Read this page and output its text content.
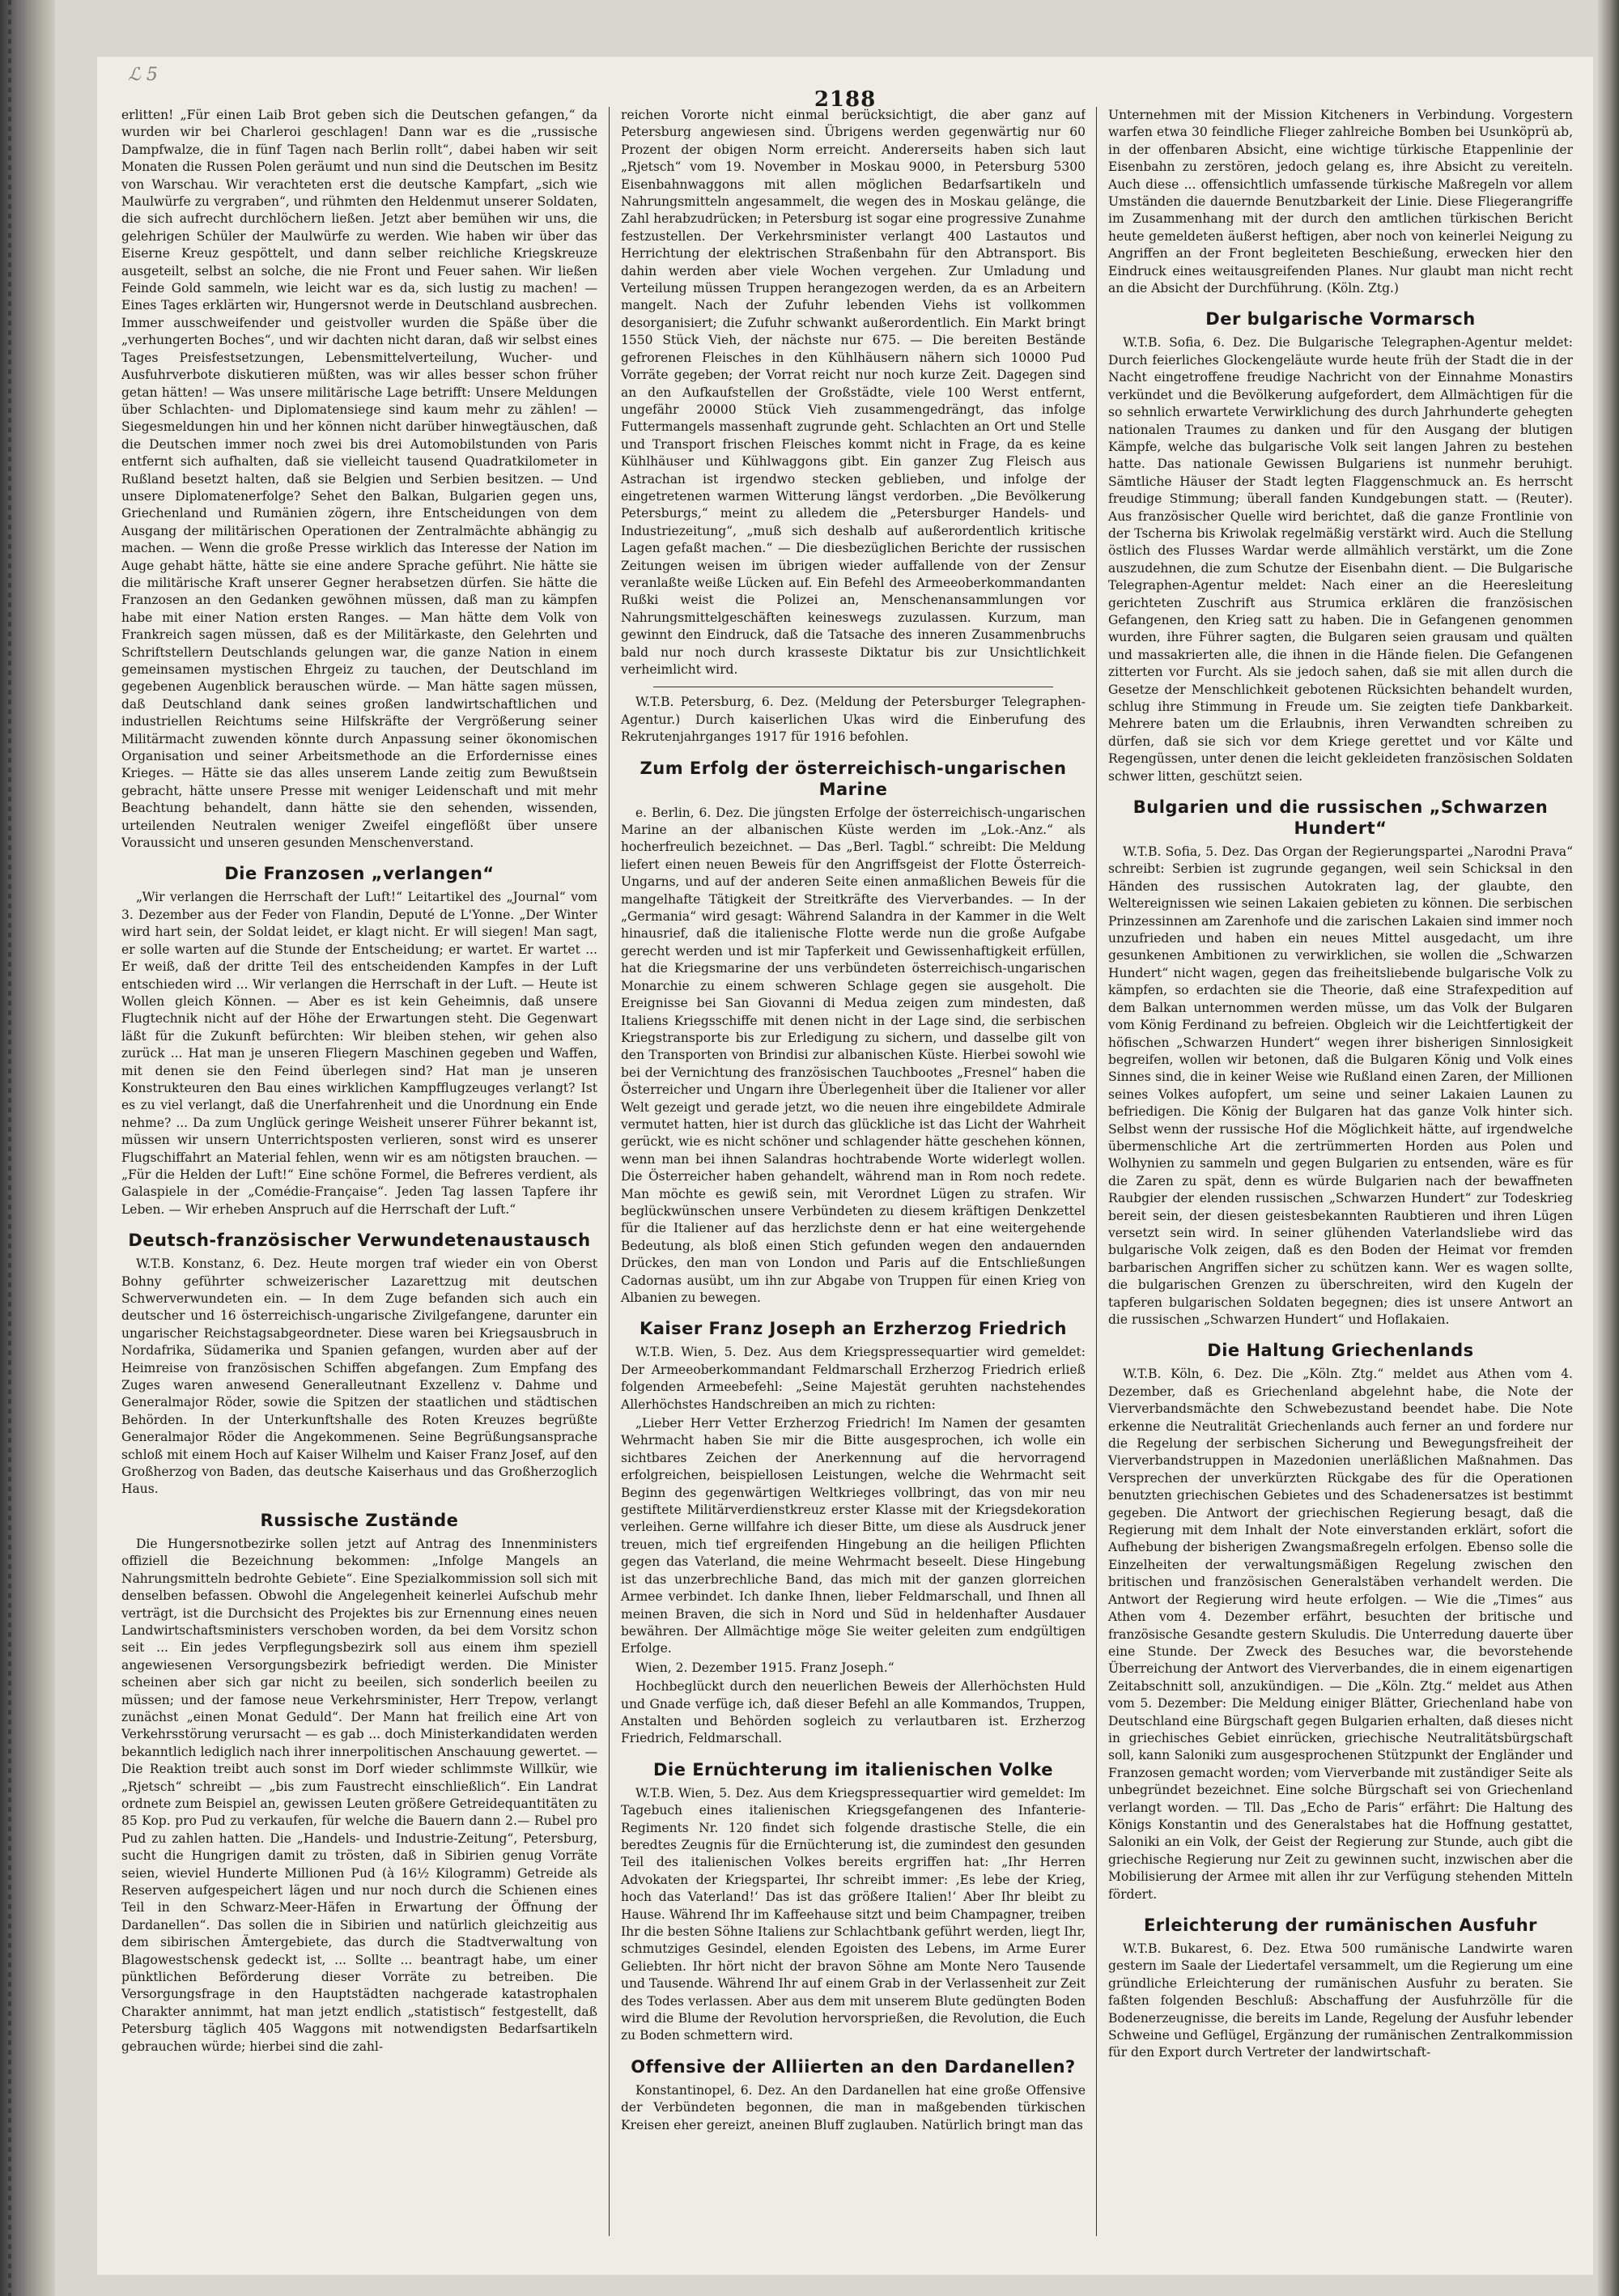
ℒ 5
2188

erlitten! „Für einen Laib Brot geben sich die Deutschen gefangen,“ da wurden wir bei Charleroi geschlagen! Dann war es die „russische Dampfwalze, die in fünf Tagen nach Berlin rollt“, dabei haben wir seit Monaten die Russen Polen geräumt und nun sind die Deutschen im Besitz von Warschau. Wir verachteten erst die deutsche Kampfart, „sich wie Maulwürfe zu vergraben“, und rühmten den Heldenmut unserer Soldaten, die sich aufrecht durchlöchern ließen. Jetzt aber bemühen wir uns, die gelehrigen Schüler der Maulwürfe zu werden. Wie haben wir über das Eiserne Kreuz gespöttelt, und dann selber reichliche Kriegskreuze ausgeteilt, selbst an solche, die nie Front und Feuer sahen. Wir ließen Feinde Gold sammeln, wie leicht war es da, sich lustig zu machen! — Eines Tages erklärten wir, Hungersnot werde in Deutschland ausbrechen. Immer ausschweifender und geistvoller wurden die Späße über die „verhungerten Boches“, und wir dachten nicht daran, daß wir selbst eines Tages Preisfestsetzungen, Lebensmittelverteilung, Wucher- und Ausfuhrverbote diskutieren müßten, was wir alles besser schon früher getan hätten! — Was unsere militärische Lage betrifft: Unsere Meldungen über Schlachten- und Diplomatensiege sind kaum mehr zu zählen! — Siegesmeldungen hin und her können nicht darüber hinwegtäuschen, daß die Deutschen immer noch zwei bis drei Automobilstunden von Paris entfernt sich aufhalten, daß sie vielleicht tausend Quadratkilometer in Rußland besetzt halten, daß sie Belgien und Serbien besitzen. — Und unsere Diplomatenerfolge? Sehet den Balkan, Bulgarien gegen uns, Griechenland und Rumänien zögern, ihre Entscheidungen von dem Ausgang der militärischen Operationen der Zentralmächte abhängig zu machen. — Wenn die große Presse wirklich das Interesse der Nation im Auge gehabt hätte, hätte sie eine andere Sprache geführt. Nie hätte sie die militärische Kraft unserer Gegner herabsetzen dürfen. Sie hätte die Franzosen an den Gedanken gewöhnen müssen, daß man zu kämpfen habe mit einer Nation ersten Ranges. — Man hätte dem Volk von Frankreich sagen müssen, daß es der Militärkaste, den Gelehrten und Schriftstellern Deutschlands gelungen war, die ganze Nation in einem gemeinsamen mystischen Ehrgeiz zu tauchen, der Deutschland im gegebenen Augenblick berauschen würde. — Man hätte sagen müssen, daß Deutschland dank seines großen landwirtschaftlichen und industriellen Reichtums seine Hilfskräfte der Vergrößerung seiner Militärmacht zuwenden könnte durch Anpassung seiner ökonomischen Organisation und seiner Arbeitsmethode an die Erfordernisse eines Krieges. — Hätte sie das alles unserem Lande zeitig zum Bewußtsein gebracht, hätte unsere Presse mit weniger Leidenschaft und mit mehr Beachtung behandelt, dann hätte sie den sehenden, wissenden, urteilenden Neutralen weniger Zweifel eingeflößt über unsere Voraussicht und unseren gesunden Menschenverstand.

Die Franzosen „verlangen“

„Wir verlangen die Herrschaft der Luft!“ Leitartikel des „Journal“ vom 3. Dezember aus der Feder von Flandin, Deputé de L'Yonne. „Der Winter wird hart sein, der Soldat leidet, er klagt nicht. Er will siegen! Man sagt, er solle warten auf die Stunde der Entscheidung; er wartet. Er wartet ... Er weiß, daß der dritte Teil des entscheidenden Kampfes in der Luft entschieden wird ... Wir verlangen die Herrschaft in der Luft. — Heute ist Wollen gleich Können. — Aber es ist kein Geheimnis, daß unsere Flugtechnik nicht auf der Höhe der Erwartungen steht. Die Gegenwart läßt für die Zukunft befürchten: Wir bleiben stehen, wir gehen also zurück ... Hat man je unseren Fliegern Maschinen gegeben und Waffen, mit denen sie den Feind überlegen sind? Hat man je unseren Konstrukteuren den Bau eines wirklichen Kampfflugzeuges verlangt? Ist es zu viel verlangt, daß die Unerfahrenheit und die Unordnung ein Ende nehme? ... Da zum Unglück geringe Weisheit unserer Führer bekannt ist, müssen wir unsern Unterrichtsposten verlieren, sonst wird es unserer Flugschiffahrt an Material fehlen, wenn wir es am nötigsten brauchen. — „Für die Helden der Luft!“ Eine schöne Formel, die Befreres verdient, als Galaspiele in der „Comédie-Française“. Jeden Tag lassen Tapfere ihr Leben. — Wir erheben Anspruch auf die Herrschaft der Luft.“

Deutsch-französischer Verwundetenaustausch

W.T.B. Konstanz, 6. Dez. Heute morgen traf wieder ein von Oberst Bohny geführter schweizerischer Lazarettzug mit deutschen Schwerverwundeten ein. — In dem Zuge befanden sich auch ein deutscher und 16 österreichisch-ungarische Zivilgefangene, darunter ein ungarischer Reichstagsabgeordneter. Diese waren bei Kriegsausbruch in Nordafrika, Südamerika und Spanien gefangen, wurden aber auf der Heimreise von französischen Schiffen abgefangen. Zum Empfang des Zuges waren anwesend Generalleutnant Exzellenz v. Dahme und Generalmajor Röder, sowie die Spitzen der staatlichen und städtischen Behörden. In der Unterkunftshalle des Roten Kreuzes begrüßte Generalmajor Röder die Angekommenen. Seine Begrüßungsansprache schloß mit einem Hoch auf Kaiser Wilhelm und Kaiser Franz Josef, auf den Großherzog von Baden, das deutsche Kaiserhaus und das Großherzoglich Haus.

Russische Zustände

Die Hungersnotbezirke sollen jetzt auf Antrag des Innenministers offiziell die Bezeichnung bekommen: „Infolge Mangels an Nahrungsmitteln bedrohte Gebiete“. Eine Spezialkommission soll sich mit denselben befassen. Obwohl die Angelegenheit keinerlei Aufschub mehr verträgt, ist die Durchsicht des Projektes bis zur Ernennung eines neuen Landwirtschaftsministers verschoben worden, da bei dem Vorsitz schon seit ... Ein jedes Verpflegungsbezirk soll aus einem ihm speziell angewiesenen Versorgungsbezirk befriedigt werden. Die Minister scheinen aber sich gar nicht zu beeilen, sich sonderlich beeilen zu müssen; und der famose neue Verkehrsminister, Herr Trepow, verlangt zunächst „einen Monat Geduld“. Der Mann hat freilich eine Art von Verkehrsstörung verursacht — es gab ... doch Ministerkandidaten werden bekanntlich lediglich nach ihrer innerpolitischen Anschauung gewertet. — Die Reaktion treibt auch sonst im Dorf wieder schlimmste Willkür, wie „Rjetsch“ schreibt — „bis zum Faustrecht einschließlich“. Ein Landrat ordnete zum Beispiel an, gewissen Leuten größere Getreidequantitäten zu 85 Kop. pro Pud zu verkaufen, für welche die Bauern dann 2.— Rubel pro Pud zu zahlen hatten. Die „Handels- und Industrie-Zeitung“, Petersburg, sucht die Hungrigen damit zu trösten, daß in Sibirien genug Vorräte seien, wieviel Hunderte Millionen Pud (à 16½ Kilogramm) Getreide als Reserven aufgespeichert lägen und nur noch durch die Schienen eines Teil in den Schwarz-Meer-Häfen in Erwartung der Öffnung der Dardanellen“. Das sollen die in Sibirien und natürlich gleichzeitig aus dem sibirischen Ämtergebiete, das durch die Stadtverwaltung von Blagowestschensk gedeckt ist, ... Sollte ... beantragt habe, um einer pünktlichen Beförderung dieser Vorräte zu betreiben. Die Versorgungsfrage in den Hauptstädten nachgerade katastrophalen Charakter annimmt, hat man jetzt endlich „statistisch“ festgestellt, daß Petersburg täglich 405 Waggons mit notwendigsten Bedarfsartikeln gebrauchen würde; hierbei sind die zahl-

reichen Vororte nicht einmal berücksichtigt, die aber ganz auf Petersburg angewiesen sind. Übrigens werden gegenwärtig nur 60 Prozent der obigen Norm erreicht. Andererseits haben sich laut „Rjetsch“ vom 19. November in Moskau 9000, in Petersburg 5300 Eisenbahnwaggons mit allen möglichen Bedarfsartikeln und Nahrungsmitteln angesammelt, die wegen des in Moskau gelänge, die Zahl herabzudrücken; in Petersburg ist sogar eine progressive Zunahme festzustellen. Der Verkehrsminister verlangt 400 Lastautos und Herrichtung der elektrischen Straßenbahn für den Abtransport. Bis dahin werden aber viele Wochen vergehen. Zur Umladung und Verteilung müssen Truppen herangezogen werden, da es an Arbeitern mangelt. Nach der Zufuhr lebenden Viehs ist vollkommen desorganisiert; die Zufuhr schwankt außerordentlich. Ein Markt bringt 1550 Stück Vieh, der nächste nur 675. — Die bereiten Bestände gefrorenen Fleisches in den Kühlhäusern nähern sich 10000 Pud Vorräte gegeben; der Vorrat reicht nur noch kurze Zeit. Dagegen sind an den Aufkaufstellen der Großstädte, viele 100 Werst entfernt, ungefähr 20000 Stück Vieh zusammengedrängt, das infolge Futtermangels massenhaft zugrunde geht. Schlachten an Ort und Stelle und Transport frischen Fleisches kommt nicht in Frage, da es keine Kühlhäuser und Kühlwaggons gibt. Ein ganzer Zug Fleisch aus Astrachan ist irgendwo stecken geblieben, und infolge der eingetretenen warmen Witterung längst verdorben. „Die Bevölkerung Petersburgs,“ meint zu alledem die „Petersburger Handels- und Industriezeitung“, „muß sich deshalb auf außerordentlich kritische Lagen gefaßt machen.“ — Die diesbezüglichen Berichte der russischen Zeitungen weisen im übrigen wieder auffallende von der Zensur veranlaßte weiße Lücken auf. Ein Befehl des Armeeoberkommandanten Rußki weist die Polizei an, Menschenansammlungen vor Nahrungsmittelgeschäften keineswegs zuzulassen. Kurzum, man gewinnt den Eindruck, daß die Tatsache des inneren Zusammenbruchs bald nur noch durch krasseste Diktatur bis zur Unsichtlichkeit verheimlicht wird.

W.T.B. Petersburg, 6. Dez. (Meldung der Petersburger Telegraphen-Agentur.) Durch kaiserlichen Ukas wird die Einberufung des Rekrutenjahrganges 1917 für 1916 befohlen.

Zum Erfolg der österreichisch-ungarischen Marine

e. Berlin, 6. Dez. Die jüngsten Erfolge der österreichisch-ungarischen Marine an der albanischen Küste werden im „Lok.-Anz.“ als hocherfreulich bezeichnet. — Das „Berl. Tagbl.“ schreibt: Die Meldung liefert einen neuen Beweis für den Angriffsgeist der Flotte Österreich-Ungarns, und auf der anderen Seite einen anmaßlichen Beweis für die mangelhafte Tätigkeit der Streitkräfte des Vierverbandes. — In der „Germania“ wird gesagt: Während Salandra in der Kammer in die Welt hinausrief, daß die italienische Flotte werde nun die große Aufgabe gerecht werden und ist mir Tapferkeit und Gewissenhaftigkeit erfüllen, hat die Kriegsmarine der uns verbündeten österreichisch-ungarischen Monarchie zu einem schweren Schlage gegen sie ausgeholt. Die Ereignisse bei San Giovanni di Medua zeigen zum mindesten, daß Italiens Kriegsschiffe mit denen nicht in der Lage sind, die serbischen Kriegstransporte bis zur Erledigung zu sichern, und dasselbe gilt von den Transporten von Brindisi zur albanischen Küste. Hierbei sowohl wie bei der Vernichtung des französischen Tauchbootes „Fresnel“ haben die Österreicher und Ungarn ihre Überlegenheit über die Italiener vor aller Welt gezeigt und gerade jetzt, wo die neuen ihre eingebildete Admirale vermutet hatten, hier ist durch das glückliche ist das Licht der Wahrheit gerückt, wie es nicht schöner und schlagender hätte geschehen können, wenn man bei ihnen Salandras hochtrabende Worte widerlegt wollen. Die Österreicher haben gehandelt, während man in Rom noch redete. Man möchte es gewiß sein, mit Verordnet Lügen zu strafen. Wir beglückwünschen unsere Verbündeten zu diesem kräftigen Denkzettel für die Italiener auf das herzlichste denn er hat eine weitergehende Bedeutung, als bloß einen Stich gefunden wegen den andauernden Drückes, den man von London und Paris auf die Entschließungen Cadornas ausübt, um ihn zur Abgabe von Truppen für einen Krieg von Albanien zu bewegen.

Kaiser Franz Joseph an Erzherzog Friedrich

W.T.B. Wien, 5. Dez. Aus dem Kriegspressequartier wird gemeldet: Der Armeeoberkommandant Feldmarschall Erzherzog Friedrich erließ folgenden Armeebefehl: „Seine Majestät geruhten nachstehendes Allerhöchstes Handschreiben an mich zu richten:

„Lieber Herr Vetter Erzherzog Friedrich! Im Namen der gesamten Wehrmacht haben Sie mir die Bitte ausgesprochen, ich wolle ein sichtbares Zeichen der Anerkennung auf die hervorragend erfolgreichen, beispiellosen Leistungen, welche die Wehrmacht seit Beginn des gegenwärtigen Weltkrieges vollbringt, das von mir neu gestiftete Militärverdienstkreuz erster Klasse mit der Kriegsdekoration verleihen. Gerne willfahre ich dieser Bitte, um diese als Ausdruck jener treuen, mich tief ergreifenden Hingebung an die heiligen Pflichten gegen das Vaterland, die meine Wehrmacht beseelt. Diese Hingebung ist das unzerbrechliche Band, das mich mit der ganzen glorreichen Armee verbindet. Ich danke Ihnen, lieber Feldmarschall, und Ihnen all meinen Braven, die sich in Nord und Süd in heldenhafter Ausdauer bewähren. Der Allmächtige möge Sie weiter geleiten zum endgültigen Erfolge.

Wien, 2. Dezember 1915. Franz Joseph.“

Hochbeglückt durch den neuerlichen Beweis der Allerhöchsten Huld und Gnade verfüge ich, daß dieser Befehl an alle Kommandos, Truppen, Anstalten und Behörden sogleich zu verlautbaren ist. Erzherzog Friedrich, Feldmarschall.

Die Ernüchterung im italienischen Volke

W.T.B. Wien, 5. Dez. Aus dem Kriegspressequartier wird gemeldet: Im Tagebuch eines italienischen Kriegsgefangenen des Infanterie-Regiments Nr. 120 findet sich folgende drastische Stelle, die ein beredtes Zeugnis für die Ernüchterung ist, die zumindest den gesunden Teil des italienischen Volkes bereits ergriffen hat: „Ihr Herren Advokaten der Kriegspartei, Ihr schreibt immer: ‚Es lebe der Krieg, hoch das Vaterland!‘ Das ist das größere Italien!‘ Aber Ihr bleibt zu Hause. Während Ihr im Kaffeehause sitzt und beim Champagner, treiben Ihr die besten Söhne Italiens zur Schlachtbank geführt werden, liegt Ihr, schmutziges Gesindel, elenden Egoisten des Lebens, im Arme Eurer Geliebten. Ihr hört nicht der bravon Söhne am Monte Nero Tausende und Tausende. Während Ihr auf einem Grab in der Verlassenheit zur Zeit des Todes verlassen. Aber aus dem mit unserem Blute gedüngten Boden wird die Blume der Revolution hervorsprießen, die Revolution, die Euch zu Boden schmettern wird.

Offensive der Alliierten an den Dardanellen?

Konstantinopel, 6. Dez. An den Dardanellen hat eine große Offensive der Verbündeten begonnen, die man in maßgebenden türkischen Kreisen eher gereizt, aneinen Bluff zuglauben. Natürlich bringt man das

Unternehmen mit der Mission Kitcheners in Verbindung. Vorgestern warfen etwa 30 feindliche Flieger zahlreiche Bomben bei Usunköprü ab, in der offenbaren Absicht, eine wichtige türkische Etappenlinie der Eisenbahn zu zerstören, jedoch gelang es, ihre Absicht zu vereiteln. Auch diese ... offensichtlich umfassende türkische Maßregeln vor allem Umständen die dauernde Benutzbarkeit der Linie. Diese Fliegerangriffe im Zusammenhang mit der durch den amtlichen türkischen Bericht heute gemeldeten äußerst heftigen, aber noch von keinerlei Neigung zu Angriffen an der Front begleiteten Beschießung, erwecken hier den Eindruck eines weitausgreifenden Planes. Nur glaubt man nicht recht an die Absicht der Durchführung. (Köln. Ztg.)

Der bulgarische Vormarsch

W.T.B. Sofia, 6. Dez. Die Bulgarische Telegraphen-Agentur meldet: Durch feierliches Glockengeläute wurde heute früh der Stadt die in der Nacht eingetroffene freudige Nachricht von der Einnahme Monastirs verkündet und die Bevölkerung aufgefordert, dem Allmächtigen für die so sehnlich erwartete Verwirklichung des durch Jahrhunderte gehegten nationalen Traumes zu danken und für den Ausgang der blutigen Kämpfe, welche das bulgarische Volk seit langen Jahren zu bestehen hatte. Das nationale Gewissen Bulgariens ist nunmehr beruhigt. Sämtliche Häuser der Stadt legten Flaggenschmuck an. Es herrscht freudige Stimmung; überall fanden Kundgebungen statt. — (Reuter). Aus französischer Quelle wird berichtet, daß die ganze Frontlinie von der Tscherna bis Kriwolak regelmäßig verstärkt wird. Auch die Stellung östlich des Flusses Wardar werde allmählich verstärkt, um die Zone auszudehnen, die zum Schutze der Eisenbahn dient. — Die Bulgarische Telegraphen-Agentur meldet: Nach einer an die Heeresleitung gerichteten Zuschrift aus Strumica erklären die französischen Gefangenen, den Krieg satt zu haben. Die in Gefangenen genommen wurden, ihre Führer sagten, die Bulgaren seien grausam und quälten und massakrierten alle, die ihnen in die Hände fielen. Die Gefangenen zitterten vor Furcht. Als sie jedoch sahen, daß sie mit allen durch die Gesetze der Menschlichkeit gebotenen Rücksichten behandelt wurden, schlug ihre Stimmung in Freude um. Sie zeigten tiefe Dankbarkeit. Mehrere baten um die Erlaubnis, ihren Verwandten schreiben zu dürfen, daß sie sich vor dem Kriege gerettet und vor Kälte und Regengüssen, unter denen die leicht gekleideten französischen Soldaten schwer litten, geschützt seien.

Bulgarien und die russischen „Schwarzen Hundert“

W.T.B. Sofia, 5. Dez. Das Organ der Regierungspartei „Narodni Prava“ schreibt: Serbien ist zugrunde gegangen, weil sein Schicksal in den Händen des russischen Autokraten lag, der glaubte, den Weltereignissen wie seinen Lakaien gebieten zu können. Die serbischen Prinzessinnen am Zarenhofe und die zarischen Lakaien sind immer noch unzufrieden und haben ein neues Mittel ausgedacht, um ihre gesunkenen Ambitionen zu verwirklichen, sie wollen die „Schwarzen Hundert“ nicht wagen, gegen das freiheitsliebende bulgarische Volk zu kämpfen, so erdachten sie die Theorie, daß eine Strafexpedition auf dem Balkan unternommen werden müsse, um das Volk der Bulgaren vom König Ferdinand zu befreien. Obgleich wir die Leichtfertigkeit der höfischen „Schwarzen Hundert“ wegen ihrer bisherigen Sinnlosigkeit begreifen, wollen wir betonen, daß die Bulgaren König und Volk eines Sinnes sind, die in keiner Weise wie Rußland einen Zaren, der Millionen seines Volkes aufopfert, um seine und seiner Lakaien Launen zu befriedigen. Die König der Bulgaren hat das ganze Volk hinter sich. Selbst wenn der russische Hof die Möglichkeit hätte, auf irgendwelche übermenschliche Art die zertrümmerten Horden aus Polen und Wolhynien zu sammeln und gegen Bulgarien zu entsenden, wäre es für die Zaren zu spät, denn es würde Bulgarien nach der bewaffneten Raubgier der elenden russischen „Schwarzen Hundert“ zur Todeskrieg bereit sein, der diesen geistesbekannten Raubtieren und ihren Lügen versetzt sein wird. In seiner glühenden Vaterlandsliebe wird das bulgarische Volk zeigen, daß es den Boden der Heimat vor fremden barbarischen Angriffen sicher zu schützen kann. Wer es wagen sollte, die bulgarischen Grenzen zu überschreiten, wird den Kugeln der tapferen bulgarischen Soldaten begegnen; dies ist unsere Antwort an die russischen „Schwarzen Hundert“ und Hoflakaien.

Die Haltung Griechenlands

W.T.B. Köln, 6. Dez. Die „Köln. Ztg.“ meldet aus Athen vom 4. Dezember, daß es Griechenland abgelehnt habe, die Note der Vierverbandsmächte den Schwebezustand beendet habe. Die Note erkenne die Neutralität Griechenlands auch ferner an und fordere nur die Regelung der serbischen Sicherung und Bewegungsfreiheit der Vierverbandstruppen in Mazedonien unerläßlichen Maßnahmen. Das Versprechen der unverkürzten Rückgabe des für die Operationen benutzten griechischen Gebietes und des Schadenersatzes ist bestimmt gegeben. Die Antwort der griechischen Regierung besagt, daß die Regierung mit dem Inhalt der Note einverstanden erklärt, sofort die Aufhebung der bisherigen Zwangsmaßregeln erfolgen. Ebenso solle die Einzelheiten der verwaltungsmäßigen Regelung zwischen den britischen und französischen Generalstäben verhandelt werden. Die Antwort der Regierung wird heute erfolgen. — Wie die „Times“ aus Athen vom 4. Dezember erfährt, besuchten der britische und französische Gesandte gestern Skuludis. Die Unterredung dauerte über eine Stunde. Der Zweck des Besuches war, die bevorstehende Überreichung der Antwort des Vierverbandes, die in einem eigenartigen Zeitabschnitt soll, anzukündigen. — Die „Köln. Ztg.“ meldet aus Athen vom 5. Dezember: Die Meldung einiger Blätter, Griechenland habe von Deutschland eine Bürgschaft gegen Bulgarien erhalten, daß dieses nicht in griechisches Gebiet einrücken, griechische Neutralitätsbürgschaft soll, kann Saloniki zum ausgesprochenen Stützpunkt der Engländer und Franzosen gemacht worden; vom Vierverbande mit zuständiger Seite als unbegründet bezeichnet. Eine solche Bürgschaft sei von Griechenland verlangt worden. — Tll. Das „Echo de Paris“ erfährt: Die Haltung des Königs Konstantin und des Generalstabes hat die Hoffnung gestattet, Saloniki an ein Volk, der Geist der Regierung zur Stunde, auch gibt die griechische Regierung nur Zeit zu gewinnen sucht, inzwischen aber die Mobilisierung der Armee mit allen ihr zur Verfügung stehenden Mitteln fördert.

Erleichterung der rumänischen Ausfuhr

W.T.B. Bukarest, 6. Dez. Etwa 500 rumänische Landwirte waren gestern im Saale der Liedertafel versammelt, um die Regierung um eine gründliche Erleichterung der rumänischen Ausfuhr zu beraten. Sie faßten folgenden Beschluß: Abschaffung der Ausfuhrzölle für die Bodenerzeugnisse, die bereits im Lande, Regelung der Ausfuhr lebender Schweine und Geflügel, Ergänzung der rumänischen Zentralkommission für den Export durch Vertreter der landwirtschaft-
